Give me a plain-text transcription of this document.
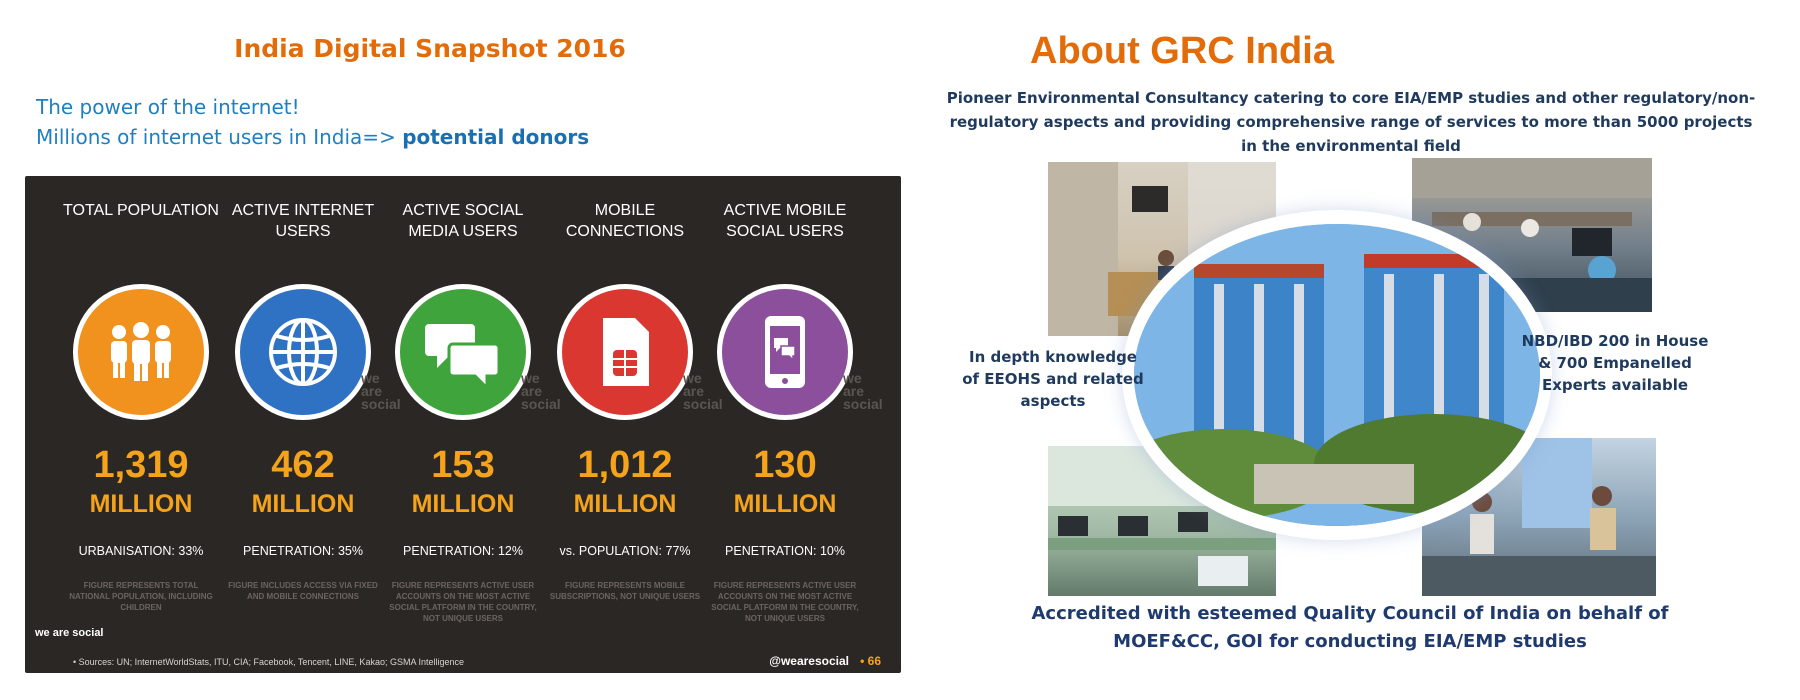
India Digital Snapshot 2016
The power of the internet!
Millions of internet users in India=> potential donors
TOTAL POPULATION
1,319
MILLION
URBANISATION: 33%
FIGURE REPRESENTS TOTAL NATIONAL POPULATION, INCLUDING CHILDREN
ACTIVE INTERNET USERS
we are social
462
MILLION
PENETRATION: 35%
FIGURE INCLUDES ACCESS VIA FIXED AND MOBILE CONNECTIONS
ACTIVE SOCIAL MEDIA USERS
we are social
153
MILLION
PENETRATION: 12%
FIGURE REPRESENTS ACTIVE USER ACCOUNTS ON THE MOST ACTIVE SOCIAL PLATFORM IN THE COUNTRY, NOT UNIQUE USERS
MOBILE CONNECTIONS
we are social
1,012
MILLION
vs. POPULATION: 77%
FIGURE REPRESENTS MOBILE SUBSCRIPTIONS, NOT UNIQUE USERS
ACTIVE MOBILE SOCIAL USERS
we are social
130
MILLION
PENETRATION: 10%
FIGURE REPRESENTS ACTIVE USER ACCOUNTS ON THE MOST ACTIVE SOCIAL PLATFORM IN THE COUNTRY, NOT UNIQUE USERS
we are social
• Sources: UN; InternetWorldStats, ITU, CIA; Facebook, Tencent, LINE, Kakao; GSMA Intelligence	@wearesocial • 66
About GRC India
Pioneer Environmental Consultancy catering to core EIA/EMP studies and other regulatory/non-regulatory aspects and providing comprehensive range of services to more than 5000 projects in the environmental field
In depth knowledge of EEOHS and related aspects
NBD/IBD 200 in House & 700 Empanelled Experts available
Accredited with esteemed Quality Council of India on behalf of MOEF&CC, GOI for conducting EIA/EMP studies
